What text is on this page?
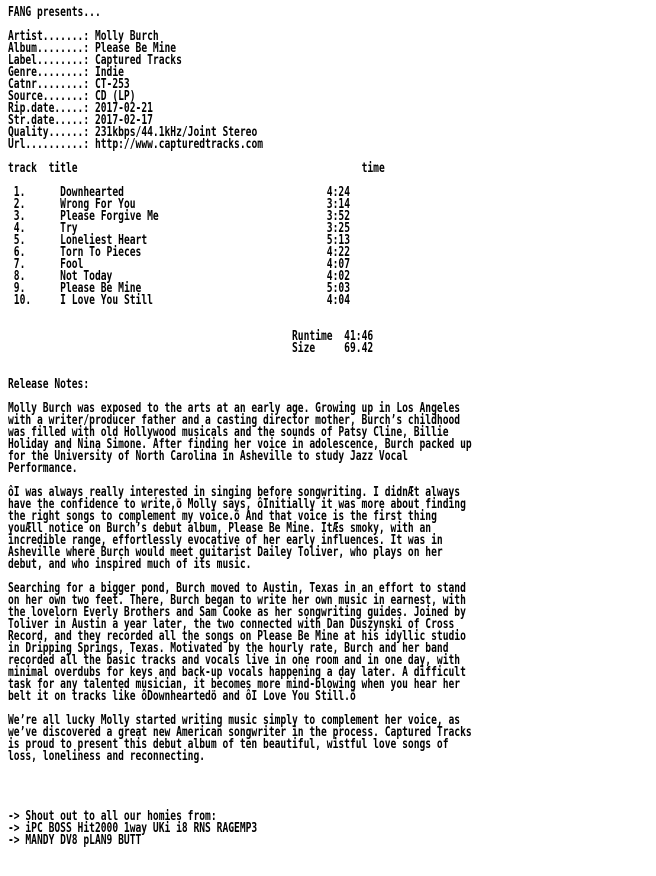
FANG presents...

Artist.......: Molly Burch
Album........: Please Be Mine
Label........: Captured Tracks
Genre........: Indie
Catnr........: CT-253
Source.......: CD (LP)
Rip.date.....: 2017-02-21
Str.date.....: 2017-02-17
Quality......: 231kbps/44.1kHz/Joint Stereo
Url..........: http://www.capturedtracks.com

track title	time

1.      Downhearted                                   4:24
2.      Wrong For You                                 3:14
3.      Please Forgive Me                             3:52
4.      Try                                           3:25
5.      Loneliest Heart                               5:13
6.      Torn To Pieces                                4:22
7.      Fool                                          4:07
8.      Not Today                                     4:02
9.      Please Be Mine                                5:03
10.     I Love You Still                              4:04

Runtime  41:46
Size     69.42

Release Notes:

Molly Burch was exposed to the arts at an early age. Growing up in Los Angeles
with a writer/producer father and a casting director mother, Burch’s childhood
was filled with old Hollywood musicals and the sounds of Patsy Cline, Billie
Holiday and Nina Simone. After finding her voice in adolescence, Burch packed up
for the University of North Carolina in Asheville to study Jazz Vocal
Performance.

ôI was always really interested in singing before songwriting. I didnÆt always
have the confidence to write,ö Molly says, ôInitially it was more about finding
the right songs to complement my voice.ö And that voice is the first thing
youÆll notice on Burch’s debut album, Please Be Mine. ItÆs smoky, with an
incredible range, effortlessly evocative of her early influences. It was in
Asheville where Burch would meet guitarist Dailey Toliver, who plays on her
debut, and who inspired much of its music.

Searching for a bigger pond, Burch moved to Austin, Texas in an effort to stand
on her own two feet. There, Burch began to write her own music in earnest, with
the lovelorn Everly Brothers and Sam Cooke as her songwriting guides. Joined by
Toliver in Austin a year later, the two connected with Dan Duszynski of Cross
Record, and they recorded all the songs on Please Be Mine at his idyllic studio
in Dripping Springs, Texas. Motivated by the hourly rate, Burch and her band
recorded all the basic tracks and vocals live in one room and in one day, with
minimal overdubs for keys and back-up vocals happening a day later. A difficult
task for any talented musician, it becomes more mind-blowing when you hear her
belt it on tracks like ôDownheartedö and ôI Love You Still.ö

We’re all lucky Molly started writing music simply to complement her voice, as
we’ve discovered a great new American songwriter in the process. Captured Tracks
is proud to present this debut album of ten beautiful, wistful love songs of
loss, loneliness and reconnecting.

-> Shout out to all our homies from:
-> iPC BOSS Hit2000 1way UKi i8 RNS RAGEMP3
-> MANDY DV8 pLAN9 BUTT
